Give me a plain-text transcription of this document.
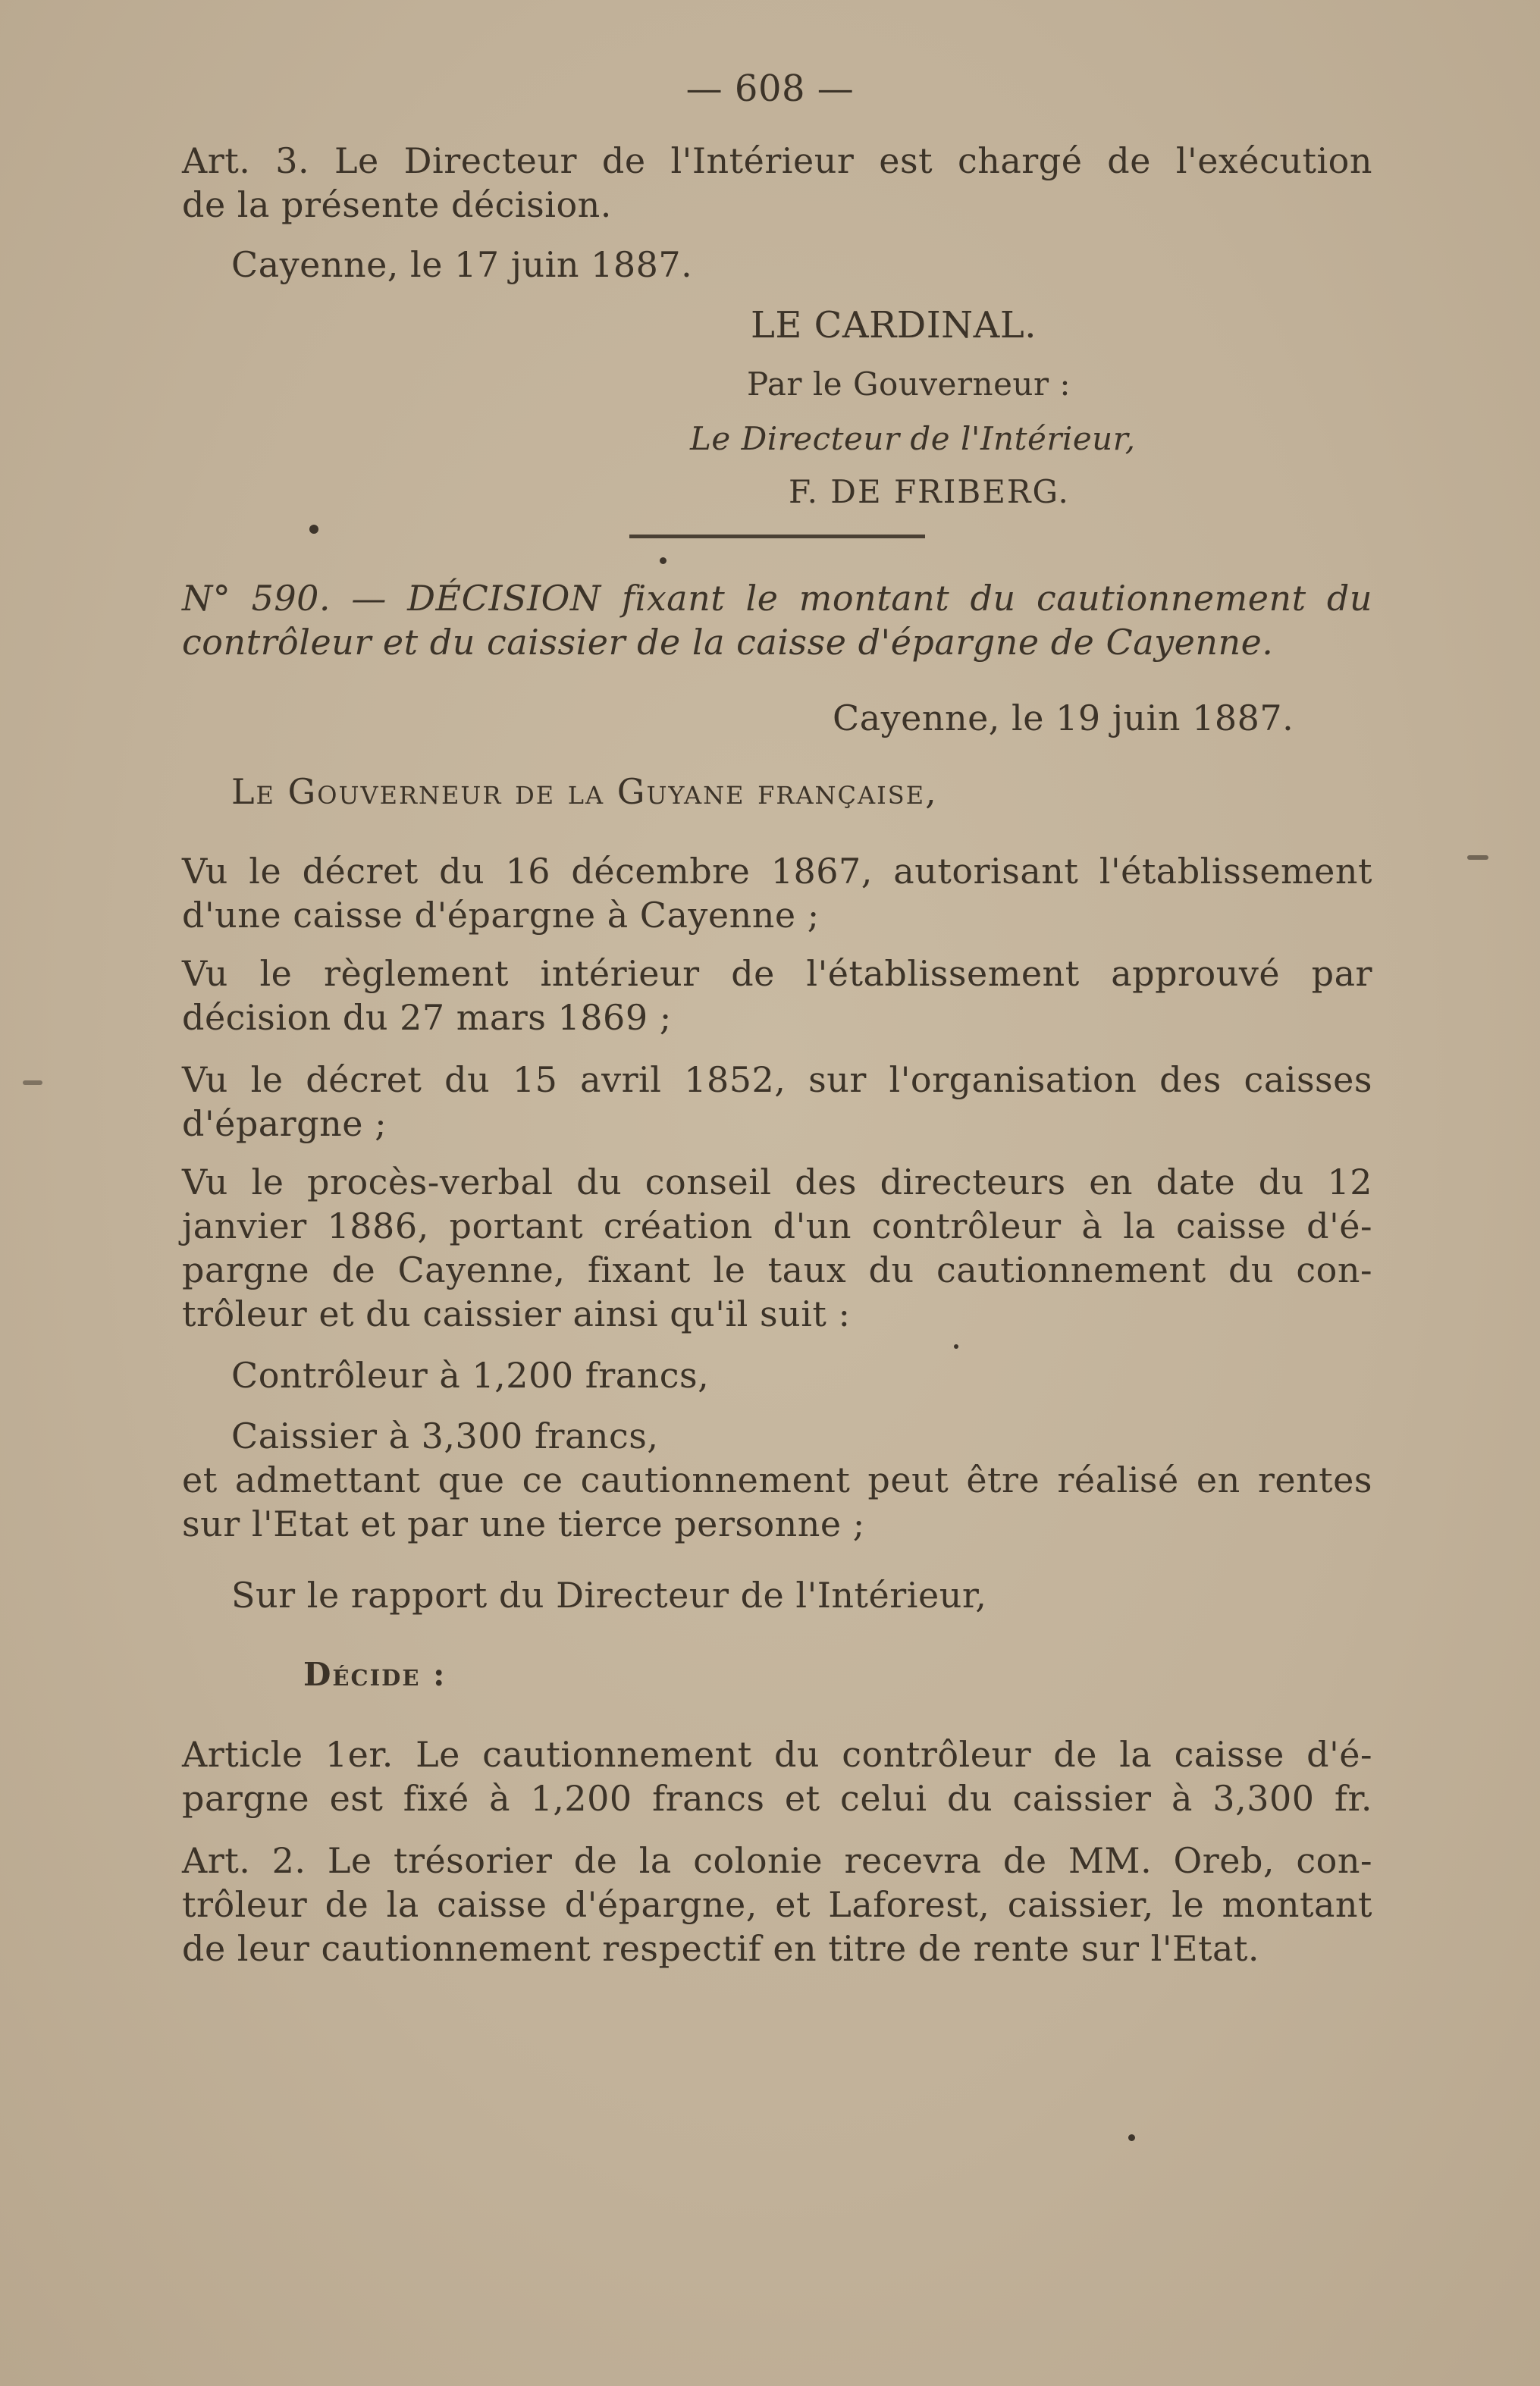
— 608 —

Art. 3. Le Directeur de l'Intérieur est chargé de l'exécution

de la présente décision.

Cayenne, le 17 juin 1887.

LE CARDINAL.

Par le Gouverneur :

Le Directeur de l'Intérieur,

F. DE FRIBERG.

N° 590. — DÉCISION fixant le montant du cautionnement du

contrôleur et du caissier de la caisse d'épargne de Cayenne.

Cayenne, le 19 juin 1887.

Le Gouverneur de la Guyane française,

Vu le décret du 16 décembre 1867, autorisant l'établissement

d'une caisse d'épargne à Cayenne ;

Vu le règlement intérieur de l'établissement approuvé par

décision du 27 mars 1869 ;

Vu le décret du 15 avril 1852, sur l'organisation des caisses

d'épargne ;

Vu le procès-verbal du conseil des directeurs en date du 12

janvier 1886, portant création d'un contrôleur à la caisse d'é-

pargne de Cayenne, fixant le taux du cautionnement du con-

trôleur et du caissier ainsi qu'il suit :

Contrôleur à 1,200 francs,

Caissier à 3,300 francs,

et admettant que ce cautionnement peut être réalisé en rentes

sur l'Etat et par une tierce personne ;

Sur le rapport du Directeur de l'Intérieur,

Décide :

Article 1er. Le cautionnement du contrôleur de la caisse d'é-

pargne est fixé à 1,200 francs et celui du caissier à 3,300 fr.

Art. 2. Le trésorier de la colonie recevra de MM. Oreb, con-

trôleur de la caisse d'épargne, et Laforest, caissier, le montant

de leur cautionnement respectif en titre de rente sur l'Etat.
